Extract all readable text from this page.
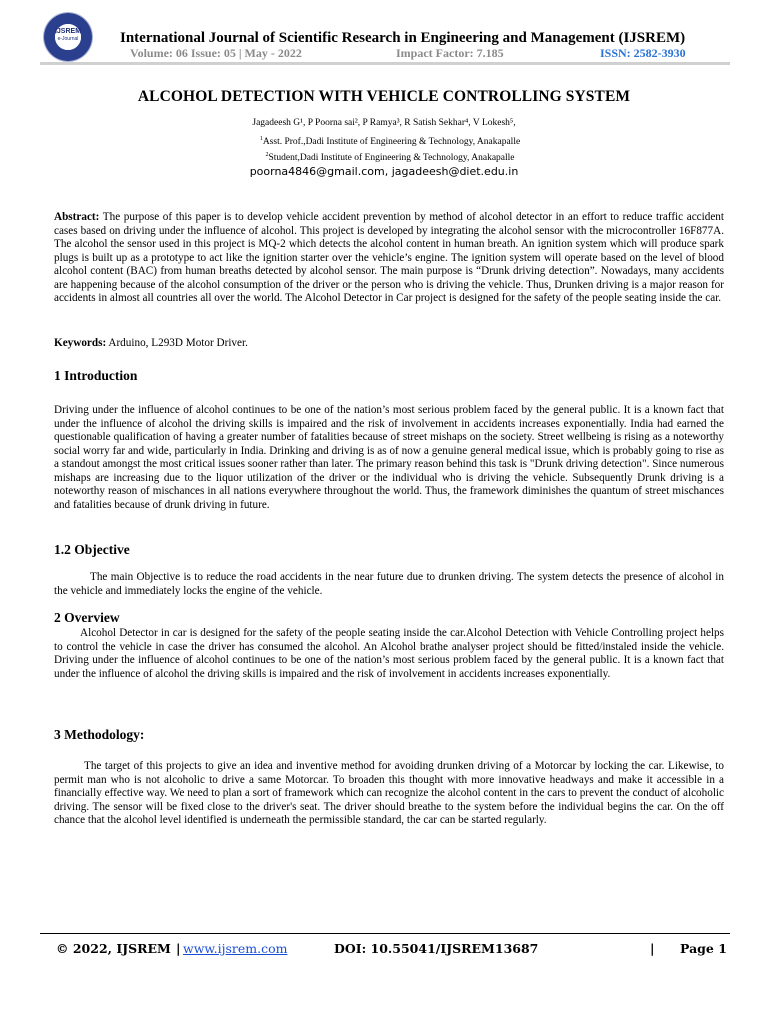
IJSREM
e-Journal	International Journal of Scientific Research in Engineering and Management (IJSREM)
Volume: 06 Issue: 05 | May - 2022	Impact Factor: 7.185	ISSN: 2582-3930
ALCOHOL DETECTION WITH VEHICLE CONTROLLING SYSTEM
Jagadeesh G¹, P Poorna sai², P Ramya³, R Satish Sekhar⁴, V Lokesh⁵,
$^1$Asst. Prof.,Dadi Institute of Engineering & Technology, Anakapalle
$^2$Student,Dadi Institute of Engineering & Technology, Anakapalle
poorna4846@gmail.com, jagadeesh@diet.edu.in
Abstract: The purpose of this paper is to develop vehicle accident prevention by method of alcohol detector in an effort to reduce traffic accident cases based on driving under the influence of alcohol. This project is developed by integrating the alcohol sensor with the microcontroller 16F877A. The alcohol the sensor used in this project is MQ-2 which detects the alcohol content in human breath. An ignition system which will produce spark plugs is built up as a prototype to act like the ignition starter over the vehicle’s engine. The ignition system will operate based on the level of blood alcohol content (BAC) from human breaths detected by alcohol sensor. The main purpose is “Drunk driving detection”. Nowadays, many accidents are happening because of the alcohol consumption of the driver or the person who is driving the vehicle. Thus, Drunken driving is a major reason for accidents in almost all countries all over the world. The Alcohol Detector in Car project is designed for the safety of the people seating inside the car.
Keywords: Arduino, L293D Motor Driver.
1 Introduction
Driving under the influence of alcohol continues to be one of the nation’s most serious problem faced by the general public. It is a known fact that under the influence of alcohol the driving skills is impaired and the risk of involvement in accidents increases exponentially. India had earned the questionable qualification of having a greater number of fatalities because of street mishaps on the society. Street wellbeing is rising as a noteworthy social worry far and wide, particularly in India. Drinking and driving is as of now a genuine general medical issue, which is probably going to rise as a standout amongst the most critical issues sooner rather than later. The primary reason behind this task is "Drunk driving detection". Since numerous mishaps are increasing due to the liquor utilization of the driver or the individual who is driving the vehicle. Subsequently Drunk driving is a noteworthy reason of mischances in all nations everywhere throughout the world. Thus, the framework diminishes the quantum of street mischances and fatalities because of drunk driving in future.
1.2 Objective
The main Objective is to reduce the road accidents in the near future due to drunken driving. The system detects the presence of alcohol in the vehicle and immediately locks the engine of the vehicle.
2 Overview
Alcohol Detector in car is designed for the safety of the people seating inside the car.Alcohol Detection with Vehicle Controlling project helps to control the vehicle in case the driver has consumed the alcohol. An Alcohol brathe analyser project should be fitted/instaled inside the vehicle. Driving under the influence of alcohol continues to be one of the nation’s most serious problem faced by the general public. It is a known fact that under the influence of alcohol the driving skills is impaired and the risk of involvement in accidents increases exponentially.
3 Methodology:
The target of this projects to give an idea and inventive method for avoiding drunken driving of a Motorcar by locking the car. Likewise, to permit man who is not alcoholic to drive a same Motorcar. To broaden this thought with more innovative headways and make it accessible in a financially effective way. We need to plan a sort of framework which can recognize the alcohol content in the cars to prevent the conduct of alcoholic driving. The sensor will be fixed close to the driver's seat. The driver should breathe to the system before the individual begins the car. On the off chance that the alcohol level identified is underneath the permissible standard, the car can be started regularly.
© 2022, IJSREM | www.ijsrem.com	DOI: 10.55041/IJSREM13687	| Page 1
